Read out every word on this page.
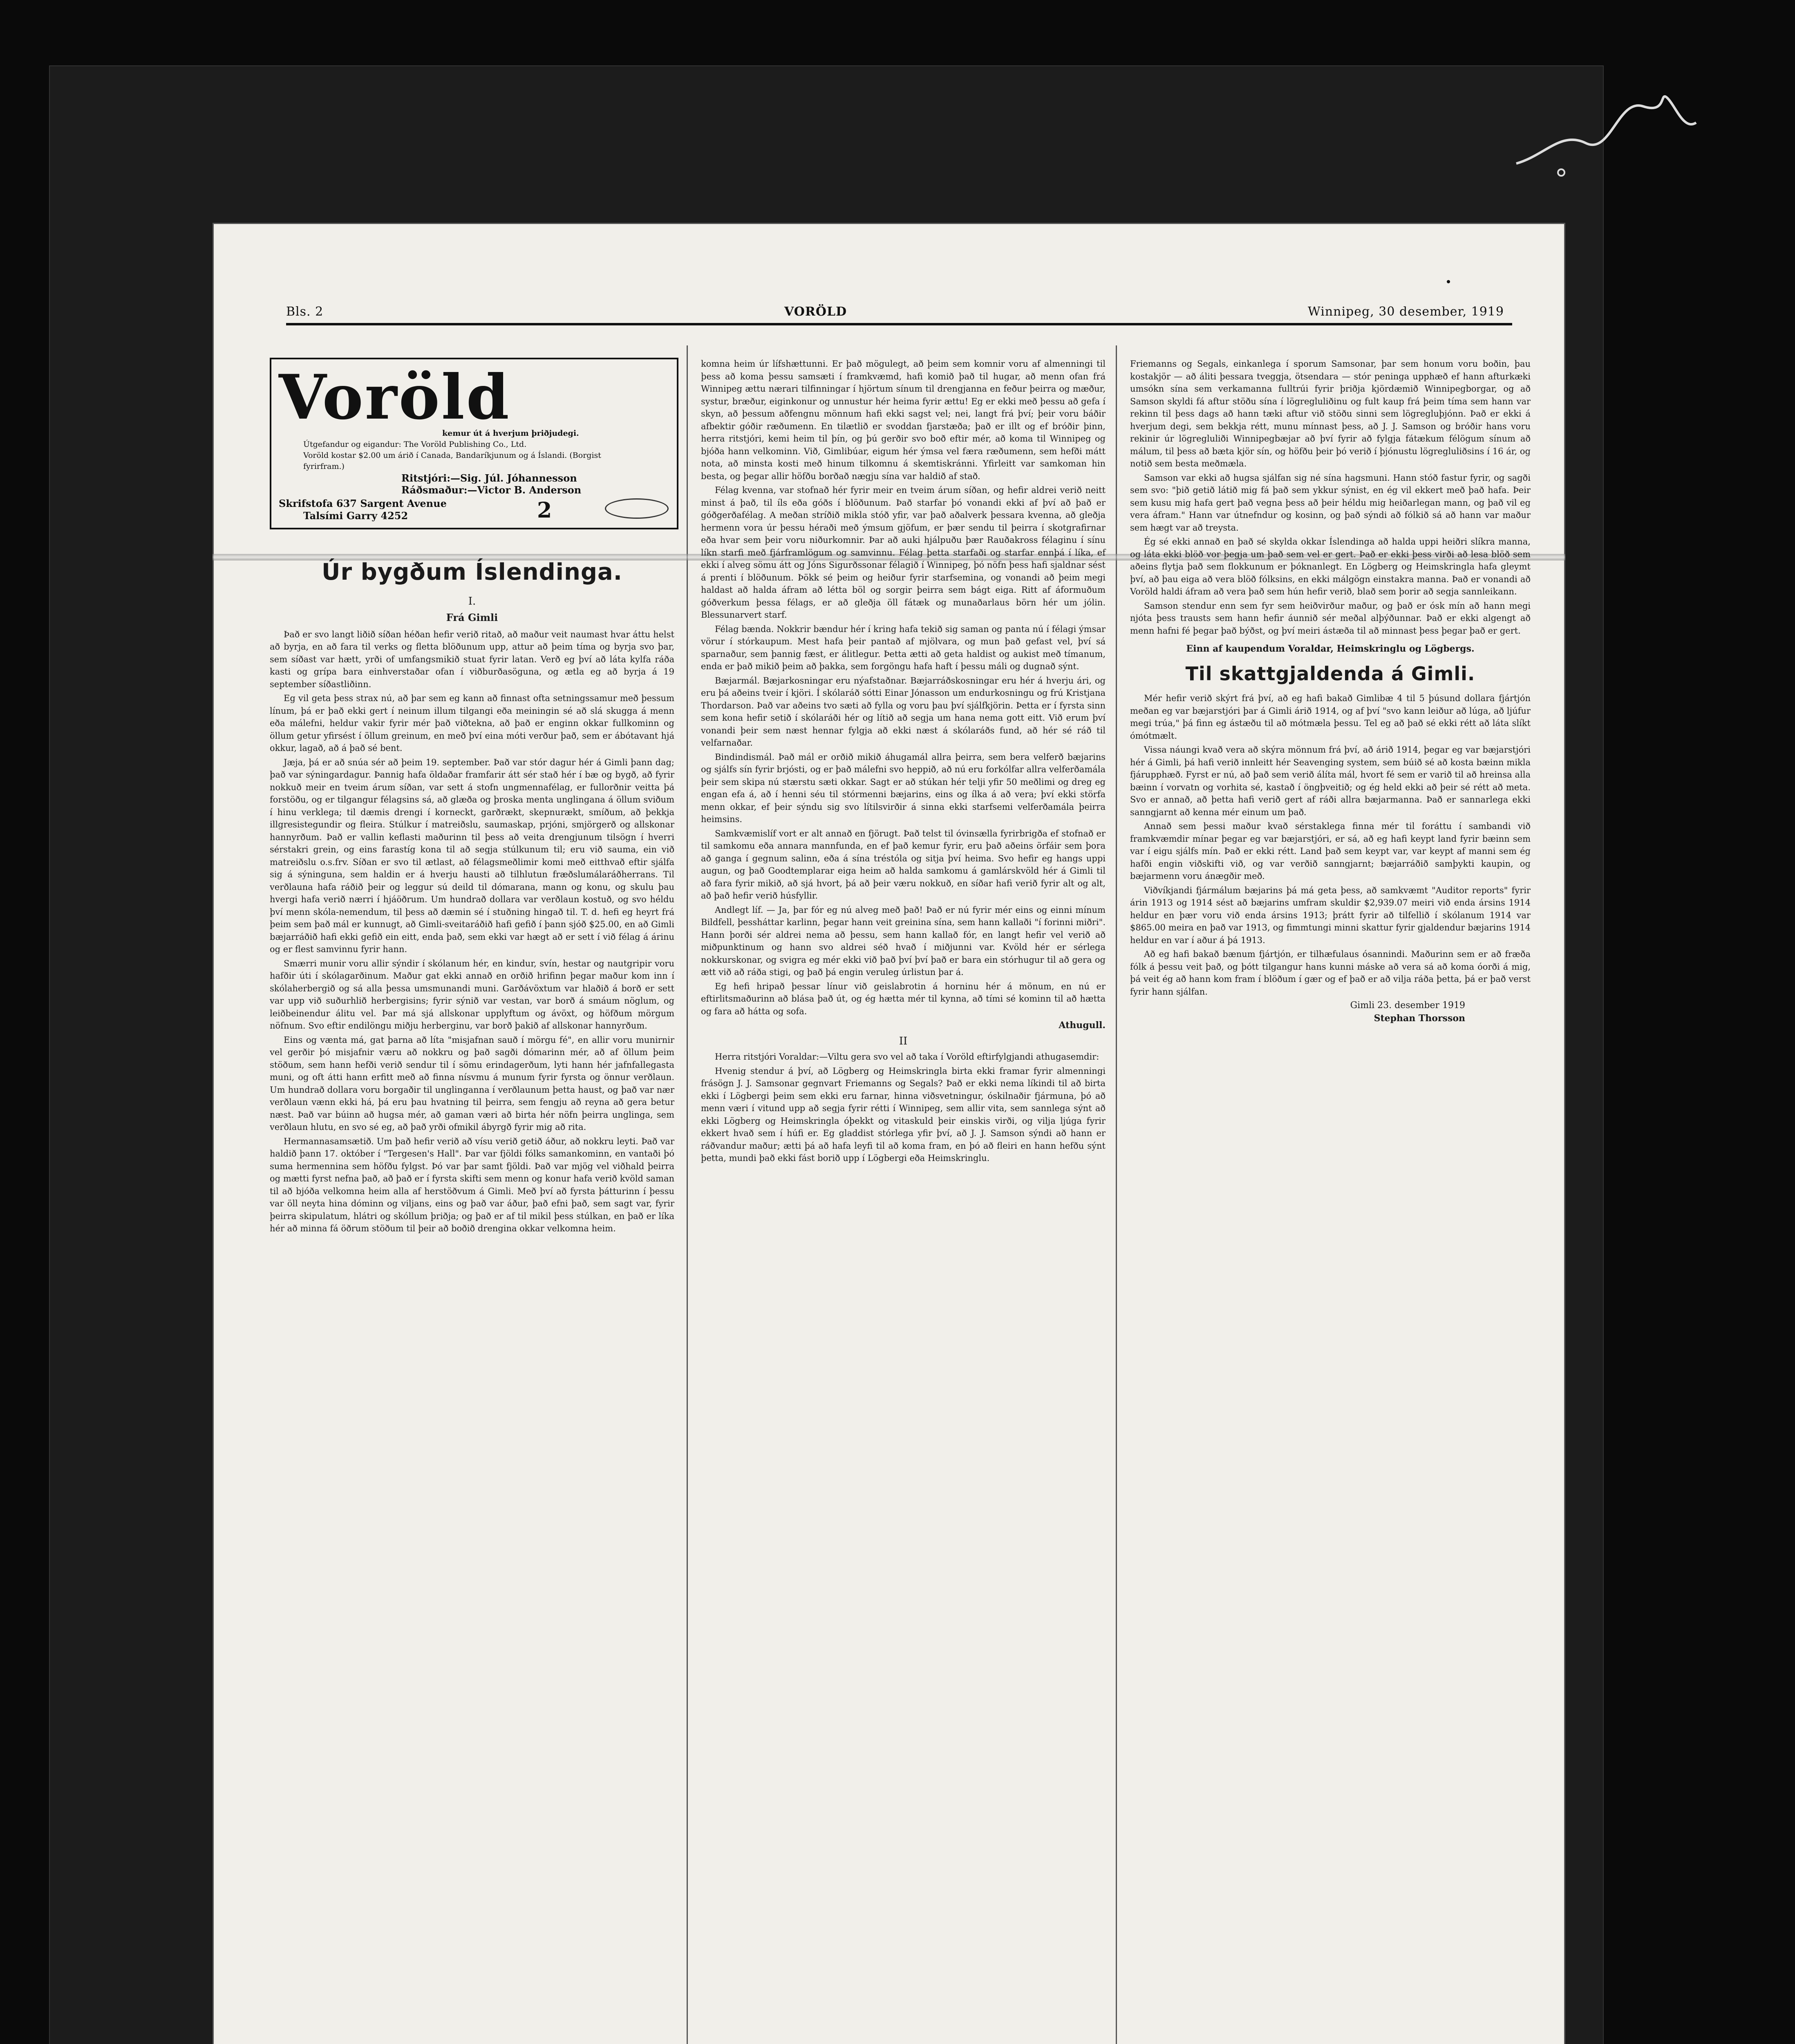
Bls. 2	VORÖLD	Winnipeg, 30 desember, 1919
Voröld
kemur út á hverjum þriðjudegi.
Útgefandur og eigandur: The Voröld Publishing Co., Ltd.
Voröld kostar $2.00 um árið í Canada, Bandaríkjunum og á Íslandi. (Borgist fyrirfram.)
Ritstjóri:—Sig. Júl. Jóhannesson
Ráðsmaður:—Victor B. Anderson
Skrifstofa 637 Sargent Avenue
Talsími Garry 4252	2
Úr bygðum Íslendinga.
I.
Frá Gimli

Það er svo langt liðið síðan héðan hefir verið ritað, að maður veit naumast hvar áttu helst að byrja, en að fara til verks og fletta blöðunum upp, attur að þeim tíma og byrja svo þar, sem síðast var hætt, yrði of umfangsmikið stuat fyrir latan. Verð eg því að láta kylfa ráða kasti og grípa bara einhverstaðar ofan í viðburðasöguna, og ætla eg að byrja á 19 september síðastliðinn.

Eg vil geta þess strax nú, að þar sem eg kann að finnast ofta setningssamur með þessum línum, þá er það ekki gert í neinum illum tilgangi eða meiningin sé að slá skugga á menn eða málefni, heldur vakir fyrir mér það viðtekna, að það er enginn okkar fullkominn og öllum getur yfirsést í öllum greinum, en með því eina móti verður það, sem er ábótavant hjá okkur, lagað, að á það sé bent.

Jæja, þá er að snúa sér að þeim 19. september. Það var stór dagur hér á Gimli þann dag; það var sýningardagur. Þannig hafa öldaðar framfarir átt sér stað hér í bæ og bygð, að fyrir nokkuð meir en tveim árum síðan, var sett á stofn ungmennafélag, er fullorðnir veitta þá forstöðu, og er tilgangur félagsins sá, að glæða og þroska menta unglingana á öllum sviðum í hinu verklega; til dæmis drengi í korneckt, garðrækt, skepnurækt, smíðum, að þekkja illgresistegundir og fleira. Stúlkur í matreiðslu, saumaskap, prjóni, smjörgerð og allskonar hannyrðum. Það er vallin keflasti maðurinn til þess að veita drengjunum tilsögn í hverri sérstakri grein, og eins farastíg kona til að segja stúlkunum til; eru við sauma, ein við matreiðslu o.s.frv. Síðan er svo til ætlast, að félagsmeðlimir komi með eitthvað eftir sjálfa sig á sýninguna, sem haldin er á hverju hausti að tilhlutun fræðslumálaráðherrans. Til verðlauna hafa ráðið þeir og leggur sú deild til dómarana, mann og konu, og skulu þau hvergi hafa verið nærri í hjáöðrum. Um hundrað dollara var verðlaun kostuð, og svo héldu því menn skóla-nemendum, til þess að dæmin sé í stuðning hingað til. T. d. hefi eg heyrt frá þeim sem það mál er kunnugt, að Gimli-sveitaráðið hafi gefið í þann sjóð $25.00, en að Gimli bæjarráðið hafi ekki gefið ein eitt, enda það, sem ekki var hægt að er sett í við félag á árinu og er flest samvinnu fyrir hann.

Smærri munir voru allir sýndir í skólanum hér, en kindur, svín, hestar og nautgripir voru hafðir úti í skólagarðinum. Maður gat ekki annað en orðið hrifinn þegar maður kom inn í skólaherbergið og sá alla þessa umsmunandi muni. Garðávöxtum var hlaðið á borð er sett var upp við suðurhlið herbergisins; fyrir sýnið var vestan, var borð á smáum nöglum, og leiðbeinendur álitu vel. Þar má sjá allskonar upplyftum og ávöxt, og höfðum mörgum nöfnum. Svo eftir endilöngu miðju herberginu, var borð þakið af allskonar hannyrðum.

Eins og vænta má, gat þarna að líta "misjafnan sauð í mörgu fé", en allir voru munirnir vel gerðir þó misjafnir væru að nokkru og það sagði dómarinn mér, að af öllum þeim stöðum, sem hann hefði verið sendur til í sömu erindagerðum, lyti hann hér jafnfallegasta muni, og oft átti hann erfitt með að finna nísvmu á munum fyrir fyrsta og önnur verðlaun. Um hundrað dollara voru borgaðir til unglinganna í verðlaunum þetta haust, og það var nær verðlaun vænn ekki há, þá eru þau hvatning til þeirra, sem fengju að reyna að gera betur næst. Það var búinn að hugsa mér, að gaman væri að birta hér nöfn þeirra unglinga, sem verðlaun hlutu, en svo sé eg, að það yrði ofmikil ábyrgð fyrir mig að rita.

Hermannasamsætið. Um það hefir verið að vísu verið getið áður, að nokkru leyti. Það var haldið þann 17. október í "Tergesen's Hall". Þar var fjöldi fólks samankominn, en vantaði þó suma hermennina sem höfðu fylgst. Þó var þar samt fjöldi. Það var mjög vel viðhald þeirra og mætti fyrst nefna það, að það er í fyrsta skifti sem menn og konur hafa verið kvöld saman til að bjóða velkomna heim alla af herstöðvum á Gimli. Með því að fyrsta þátturinn í þessu var öll neyta hina dóminn og viljans, eins og það var áður, það efni það, sem sagt var, fyrir þeirra skipulatum, hlátri og skóllum þriðja; og það er af til mikil þess stúlkan, en það er líka hér að minna fá öðrum stöðum til þeir að boðið drengina okkar velkomna heim.

komna heim úr lífshættunni. Er það mögulegt, að þeim sem komnir voru af almenningi til þess að koma þessu samsæti í framkvæmd, hafi komið það til hugar, að menn ofan frá Winnipeg ættu nærari tilfinningar í hjörtum sínum til drengjanna en feður þeirra og mæður, systur, bræður, eiginkonur og unnustur hér heima fyrir ættu! Eg er ekki með þessu að gefa í skyn, að þessum aðfengnu mönnum hafi ekki sagst vel; nei, langt frá því; þeir voru báðir afbektir góðir ræðumenn. En tilætlið er svoddan fjarstæða; það er illt og ef bróðir þinn, herra ritstjóri, kemi heim til þín, og þú gerðir svo boð eftir mér, að koma til Winnipeg og bjóða hann velkominn. Við, Gimlibúar, eigum hér ýmsa vel færa ræðumenn, sem hefði mátt nota, að minsta kosti með hinum tilkomnu á skemtiskránni. Yfirleitt var samkoman hin besta, og þegar allir höfðu borðað nægju sína var haldið af stað.

Félag kvenna, var stofnað hér fyrir meir en tveim árum síðan, og hefir aldrei verið neitt minst á það, til íls eða góðs í blöðunum. Það starfar þó vonandi ekki af því að það er góðgerðafélag. A meðan stríðið mikla stóð yfir, var það aðalverk þessara kvenna, að gleðja hermenn vora úr þessu héraði með ýmsum gjöfum, er þær sendu til þeirra í skotgrafirnar eða hvar sem þeir voru niðurkomnir. Þar að auki hjálpuðu þær Rauðakross félaginu í sínu líkn starfi með fjárframlögum og samvinnu. Félag þetta starfaði og starfar ennþá í líka, ef ekki í alveg sömu átt og Jóns Sigurðssonar félagið í Winnipeg, þó nöfn þess hafi sjaldnar sést á prenti í blöðunum. Þökk sé þeim og heiður fyrir starfsemina, og vonandi að þeim megi haldast að halda áfram að létta böl og sorgir þeirra sem bágt eiga. Ritt af áformuðum góðverkum þessa félags, er að gleðja öll fátæk og munaðarlaus börn hér um jólin. Blessunarvert starf.

Félag bænda. Nokkrir bændur hér í kring hafa tekið sig saman og panta nú í félagi ýmsar vörur í stórkaupum. Mest hafa þeir pantað af mjölvara, og mun það gefast vel, því sá sparnaður, sem þannig fæst, er álitlegur. Þetta ætti að geta haldist og aukist með tímanum, enda er það mikið þeim að þakka, sem forgöngu hafa haft í þessu máli og dugnað sýnt.

Bæjarmál. Bæjarkosningar eru nýafstaðnar. Bæjarráðskosningar eru hér á hverju ári, og eru þá aðeins tveir í kjöri. Í skólaráð sótti Einar Jónasson um endurkosningu og frú Kristjana Thordarson. Það var aðeins tvo sæti að fylla og voru þau því sjálfkjörin. Þetta er í fyrsta sinn sem kona hefir setið í skólaráði hér og lítið að segja um hana nema gott eitt. Við erum því vonandi þeir sem næst hennar fylgja að ekki næst á skólaráðs fund, að hér sé ráð til velfarnaðar.

Bindindismál. Það mál er orðið mikið áhugamál allra þeirra, sem bera velferð bæjarins og sjálfs sín fyrir brjósti, og er það málefni svo heppið, að nú eru forkólfar allra velferðamála þeir sem skipa nú stærstu sæti okkar. Sagt er að stúkan hér telji yfir 50 meðlimi og dreg eg engan efa á, að í henni séu til stórmenni bæjarins, eins og ílka á að vera; því ekki störfa menn okkar, ef þeir sýndu sig svo lítilsvirðir á sinna ekki starfsemi velferðamála þeirra heimsins.

Samkvæmislíf vort er alt annað en fjörugt. Það telst til óvinsælla fyrirbrigða ef stofnað er til samkomu eða annara mannfunda, en ef það kemur fyrir, eru það aðeins örfáir sem þora að ganga í gegnum salinn, eða á sína tréstóla og sitja því heima. Svo hefir eg hangs uppi augun, og það Goodtemplarar eiga heim að halda samkomu á gamlárskvöld hér á Gimli til að fara fyrir mikið, að sjá hvort, þá að þeir væru nokkuð, en síðar hafi verið fyrir alt og alt, að það hefir verið húsfyllir.

Andlegt líf. — Ja, þar fór eg nú alveg með það! Það er nú fyrir mér eins og einni mínum Bildfell, þessháttar karlinn, þegar hann veit greinina sína, sem hann kallaði "í forinni miðri". Hann þorði sér aldrei nema að þessu, sem hann kallað fór, en langt hefir vel verið að miðpunktinum og hann svo aldrei séð hvað í miðjunni var. Kvöld hér er sérlega nokkurskonar, og svigra eg mér ekki við það því því það er bara ein stórhugur til að gera og ætt við að ráða stigi, og það þá engin veruleg úrlistun þar á.

Eg hefi hripað þessar línur við geislabrotin á horninu hér á mönum, en nú er eftirlitsmaðurinn að blása það út, og ég hætta mér til kynna, að tími sé kominn til að hætta og fara að hátta og sofa.

Athugull.
II

Herra ritstjóri Voraldar:—Viltu gera svo vel að taka í Voröld eftirfylgjandi athugasemdir:

Hvenig stendur á því, að Lögberg og Heimskringla birta ekki framar fyrir almenningi frásögn J. J. Samsonar gegnvart Friemanns og Segals? Það er ekki nema líkindi til að birta ekki í Lögbergi þeim sem ekki eru farnar, hinna viðsvetningur, óskilnaðir fjármuna, þó að menn væri í vitund upp að segja fyrir rétti í Winnipeg, sem allir vita, sem sannlega sýnt að ekki Lögberg og Heimskringla óþekkt og vitaskuld þeir einskis virði, og vilja ljúga fyrir ekkert hvað sem í húfi er. Eg gladdist stórlega yfir því, að J. J. Samson sýndi að hann er ráðvandur maður; ætti þá að hafa leyfi til að koma fram, en þó að fleiri en hann hefðu sýnt þetta, mundi það ekki fást borið upp í Lögbergi eða Heimskringlu.

Friemanns og Segals, einkanlega í sporum Samsonar, þar sem honum voru boðin, þau kostakjör — að áliti þessara tveggja, ötsendara — stór peninga upphæð ef hann afturkæki umsókn sína sem verkamanna fulltrúi fyrir þriðja kjördæmið Winnipegborgar, og að Samson skyldi fá aftur stöðu sína í lögregluliðinu og fult kaup frá þeim tíma sem hann var rekinn til þess dags að hann tæki aftur við stöðu sinni sem lögregluþjónn. Það er ekki á hverjum degi, sem bekkja rétt, munu mínnast þess, að J. J. Samson og bróðir hans voru rekinir úr lögregluliði Winnipegbæjar að því fyrir að fylgja fátækum félögum sínum að málum, til þess að bæta kjör sín, og höfðu þeir þó verið í þjónustu lögregluliðsins í 16 ár, og notið sem besta meðmæla.

Samson var ekki að hugsa sjálfan sig né sína hagsmuni. Hann stóð fastur fyrir, og sagði sem svo: "þið getið látið mig fá það sem ykkur sýnist, en ég vil ekkert með það hafa. Þeir sem kusu mig hafa gert það vegna þess að þeir héldu mig heiðarlegan mann, og það vil eg vera áfram." Hann var útnefndur og kosinn, og það sýndi að fólkið sá að hann var maður sem hægt var að treysta.

Ég sé ekki annað en það sé skylda okkar Íslendinga að halda uppi heiðri slíkra manna, og láta ekki blöð vor þegja um það sem vel er gert. Það er ekki þess virði að lesa blöð sem aðeins flytja það sem flokkunum er þóknanlegt. En Lögberg og Heimskringla hafa gleymt því, að þau eiga að vera blöð fólksins, en ekki málgögn einstakra manna. Það er vonandi að Voröld haldi áfram að vera það sem hún hefir verið, blað sem þorir að segja sannleikann.

Samson stendur enn sem fyr sem heiðvirður maður, og það er ósk mín að hann megi njóta þess trausts sem hann hefir áunnið sér meðal alþýðunnar. Það er ekki algengt að menn hafni fé þegar það býðst, og því meiri ástæða til að minnast þess þegar það er gert.

Einn af kaupendum Voraldar, Heimskringlu og Lögbergs.
Til skattgjaldenda á Gimli.

Mér hefir verið skýrt frá því, að eg hafi bakað Gimlibæ 4 til 5 þúsund dollara fjártjón meðan eg var bæjarstjóri þar á Gimli árið 1914, og af því "svo kann leiður að lúga, að ljúfur megi trúa," þá finn eg ástæðu til að mótmæla þessu. Tel eg að það sé ekki rétt að láta slíkt ómótmælt.

Vissa náungi kvað vera að skýra mönnum frá því, að árið 1914, þegar eg var bæjarstjóri hér á Gimli, þá hafi verið innleitt hér Seavenging system, sem búið sé að kosta bæinn mikla fjárupphæð. Fyrst er nú, að það sem verið álíta mál, hvort fé sem er varið til að hreinsa alla bæinn í vorvatn og vorhita sé, kastað í öngþveitið; og ég held ekki að þeir sé rétt að meta. Svo er annað, að þetta hafi verið gert af ráði allra bæjarmanna. Það er sannarlega ekki sanngjarnt að kenna mér einum um það.

Annað sem þessi maður kvað sérstaklega finna mér til foráttu í sambandi við framkvæmdir mínar þegar eg var bæjarstjóri, er sá, að eg hafi keypt land fyrir bæinn sem var í eigu sjálfs mín. Það er ekki rétt. Land það sem keypt var, var keypt af manni sem ég hafði engin viðskifti við, og var verðið sanngjarnt; bæjarráðið samþykti kaupin, og bæjarmenn voru ánægðir með.

Viðvíkjandi fjármálum bæjarins þá má geta þess, að samkvæmt "Auditor reports" fyrir árin 1913 og 1914 sést að bæjarins umfram skuldir $2,939.07 meiri við enda ársins 1914 heldur en þær voru við enda ársins 1913; þrátt fyrir að tilfellið í skólanum 1914 var $865.00 meira en það var 1913, og fimmtungi minni skattur fyrir gjaldendur bæjarins 1914 heldur en var í aður á þá 1913.

Að eg hafi bakað bænum fjártjón, er tilhæfulaus ósannindi. Maðurinn sem er að fræða fólk á þessu veit það, og þótt tilgangur hans kunni máske að vera sá að koma óorði á mig, þá veit ég að hann kom fram í blöðum í gær og ef það er að vilja ráða þetta, þá er það verst fyrir hann sjálfan.

Gimli 23. desember 1919
Stephan Thorsson
